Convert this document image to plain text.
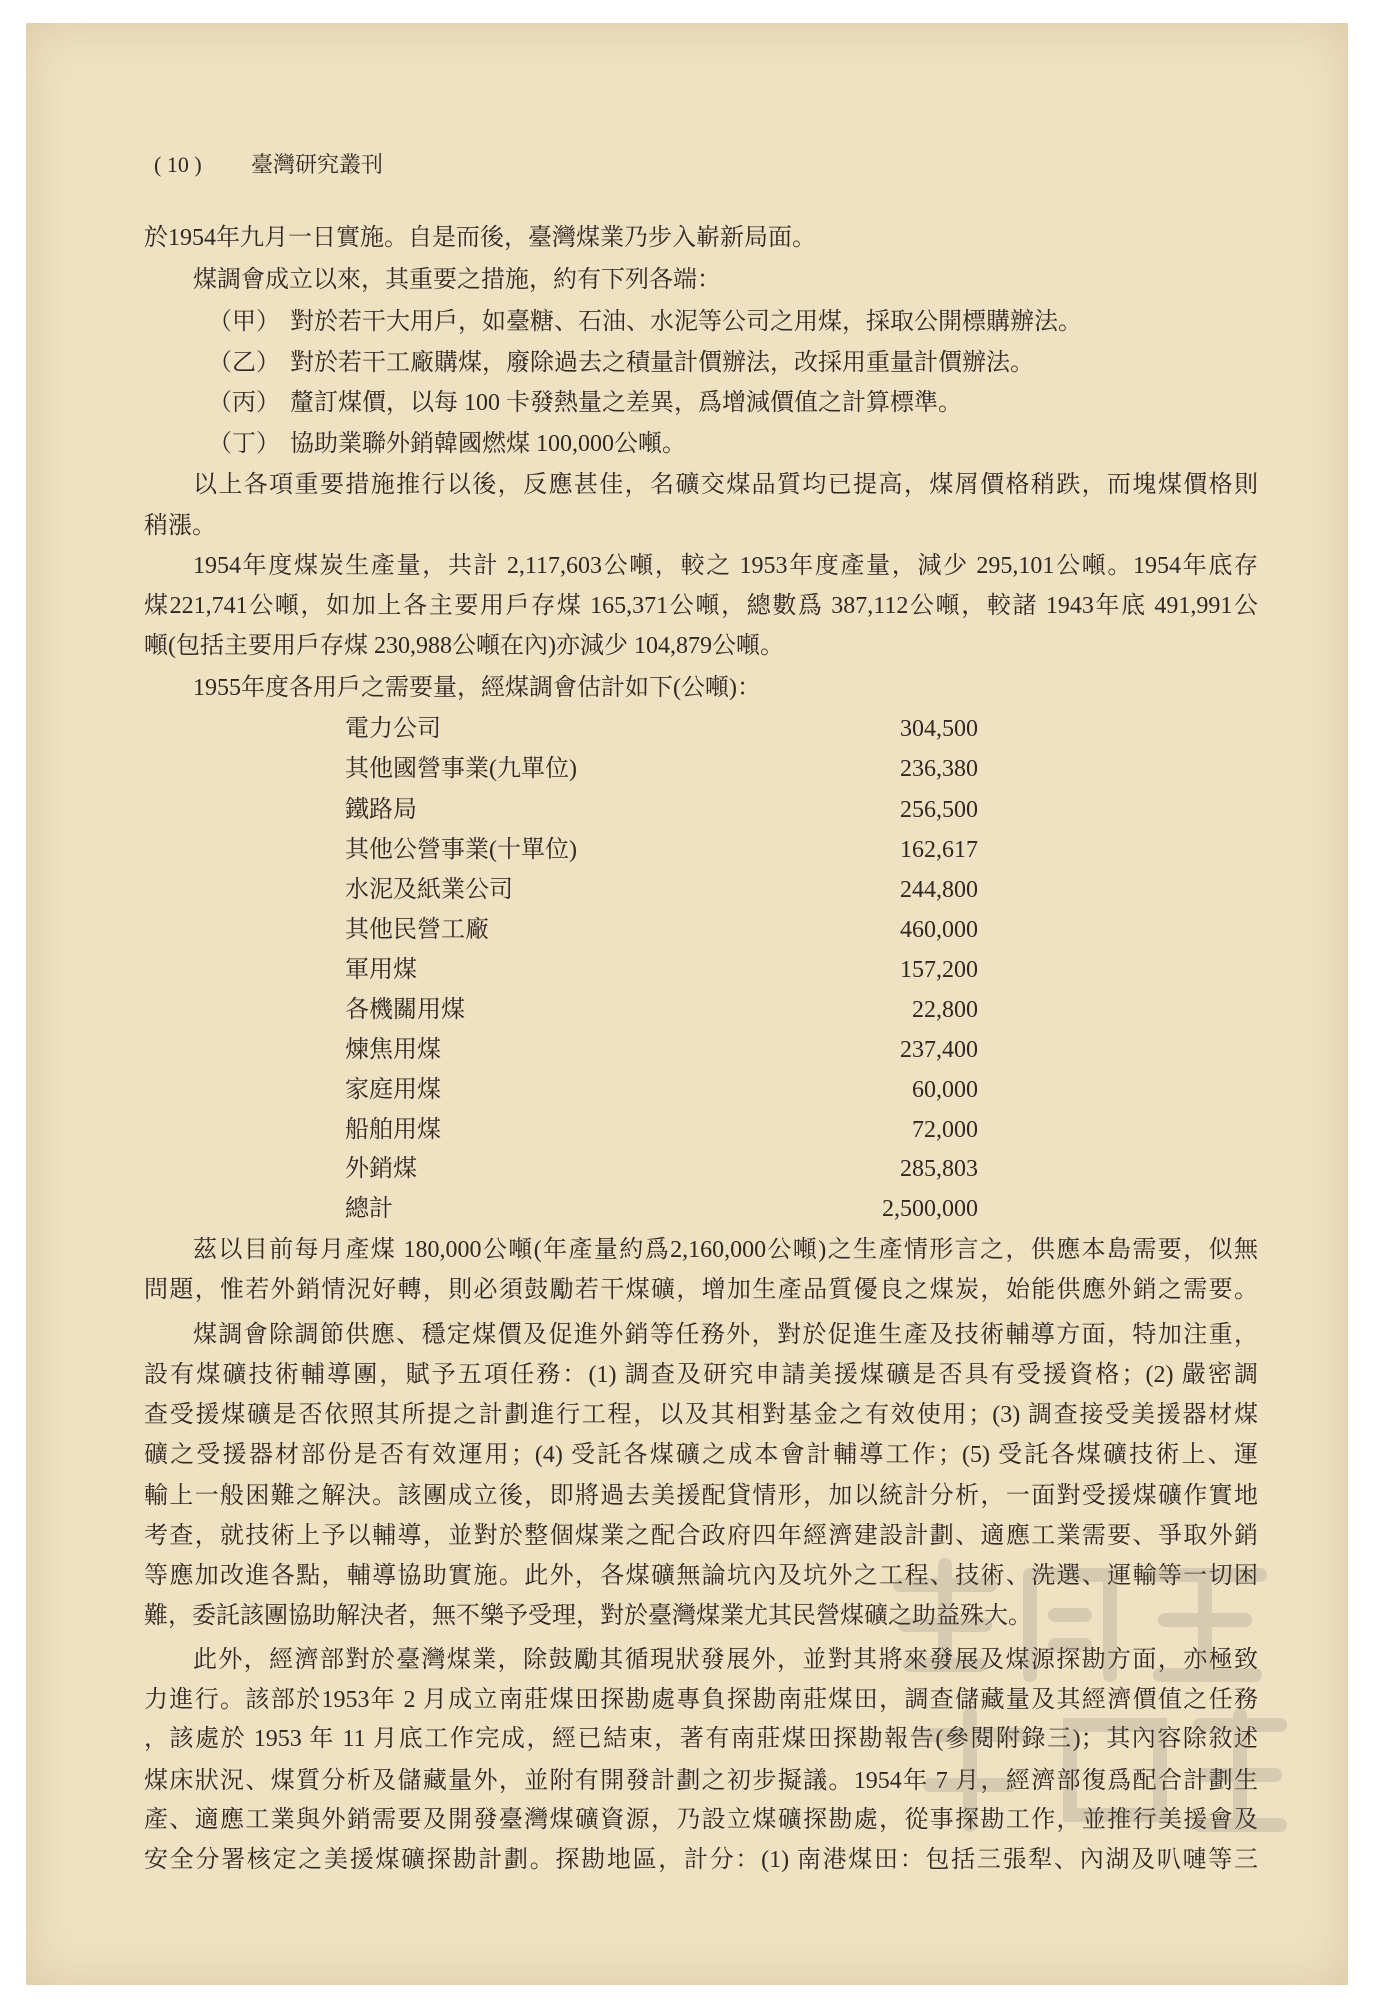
( 10 ) 臺灣研究叢刊
於1954年九月一日實施。自是而後，臺灣煤業乃步入嶄新局面。
煤調會成立以來，其重要之措施，約有下列各端：
（甲） 對於若干大用戶，如臺糖、石油、水泥等公司之用煤，採取公開標購辦法。
（乙） 對於若干工廠購煤，廢除過去之積量計價辦法，改採用重量計價辦法。
（丙） 釐訂煤價，以每 100 卡發熱量之差異，爲增減價值之計算標準。
（丁） 協助業聯外銷韓國燃煤 100,000公噸。
以上各項重要措施推行以後，反應甚佳，名礦交煤品質均已提高，煤屑價格稍跌，而塊煤價格則
稍漲。
1954年度煤炭生產量，共計 2,117,603公噸，較之 1953年度產量，減少 295,101公噸。1954年底存
煤221,741公噸，如加上各主要用戶存煤 165,371公噸，總數爲 387,112公噸，較諸 1943年底 491,991公
噸(包括主要用戶存煤 230,988公噸在內)亦減少 104,879公噸。
1955年度各用戶之需要量，經煤調會估計如下(公噸)：
電力公司	304,500
其他國營事業(九單位)	236,380
鐵路局	256,500
其他公營事業(十單位)	162,617
水泥及紙業公司	244,800
其他民營工廠	460,000
軍用煤	157,200
各機關用煤	22,800
煉焦用煤	237,400
家庭用煤	60,000
船舶用煤	72,000
外銷煤	285,803
總計	2,500,000
茲以目前每月產煤 180,000公噸(年產量約爲2,160,000公噸)之生產情形言之，供應本島需要，似無
問題，惟若外銷情況好轉，則必須鼓勵若干煤礦，增加生產品質優良之煤炭，始能供應外銷之需要。
煤調會除調節供應、穩定煤價及促進外銷等任務外，對於促進生產及技術輔導方面，特加注重，
設有煤礦技術輔導團，賦予五項任務：(1) 調查及研究申請美援煤礦是否具有受援資格；(2) 嚴密調
查受援煤礦是否依照其所提之計劃進行工程，以及其相對基金之有效使用；(3) 調查接受美援器材煤
礦之受援器材部份是否有效運用；(4) 受託各煤礦之成本會計輔導工作；(5) 受託各煤礦技術上、運
輸上一般困難之解決。該團成立後，即將過去美援配貸情形，加以統計分析，一面對受援煤礦作實地
考查，就技術上予以輔導，並對於整個煤業之配合政府四年經濟建設計劃、適應工業需要、爭取外銷
等應加改進各點，輔導協助實施。此外，各煤礦無論坑內及坑外之工程、技術、洗選、運輸等一切困
難，委託該團協助解決者，無不樂予受理，對於臺灣煤業尤其民營煤礦之助益殊大。
此外，經濟部對於臺灣煤業，除鼓勵其循現狀發展外，並對其將來發展及煤源探勘方面，亦極致
力進行。該部於1953年 2 月成立南莊煤田探勘處專負探勘南莊煤田，調查儲藏量及其經濟價值之任務
，該處於 1953 年 11 月底工作完成，經已結束，著有南莊煤田探勘報告(參閱附錄三)；其內容除敘述
煤床狀況、煤質分析及儲藏量外，並附有開發計劃之初步擬議。1954年 7 月，經濟部復爲配合計劃生
產、適應工業與外銷需要及開發臺灣煤礦資源，乃設立煤礦探勘處，從事探勘工作，並推行美援會及
安全分署核定之美援煤礦探勘計劃。探勘地區，計分：(1) 南港煤田：包括三張犁、內湖及叭嗹等三
